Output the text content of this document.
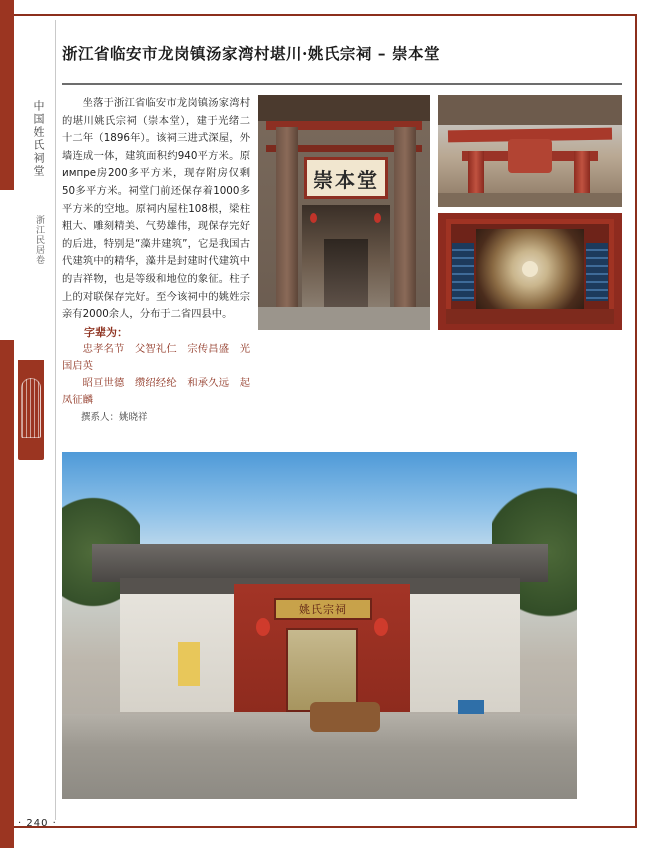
中国姓氏祠堂
浙江民居卷
浙江省临安市龙岗镇汤家湾村堪川·姚氏宗祠 – 崇本堂

坐落于浙江省临安市龙岗镇汤家湾村的堪川姚氏宗祠（崇本堂），建于光绪二十二年（1896年）。该祠三进式深屋，外墙连成一体，建筑面积约940平方米。原импре房200多平方米，现存附房仅剩50多平方米。祠堂门前还保存着1000多平方米的空地。原祠内屋柱108根，梁柱粗大、雕刻精美、气势雄伟，现保存完好的后进，特别是“藻井建筑”，它是我国古代建筑中的精华，藻井是封建时代建筑中的吉祥物，也是等级和地位的象征。柱子上的对联保存完好。至今该祠中的姚姓宗亲有2000余人，分布于二省四县中。

字辈为：

忠孝名节　父智礼仁　宗传昌盛　光国启英

昭亘世德　缵绍经纶　和承久远　起凤征麟

撰系人：姚晓祥

崇本堂
姚氏宗祠
· 240 ·
